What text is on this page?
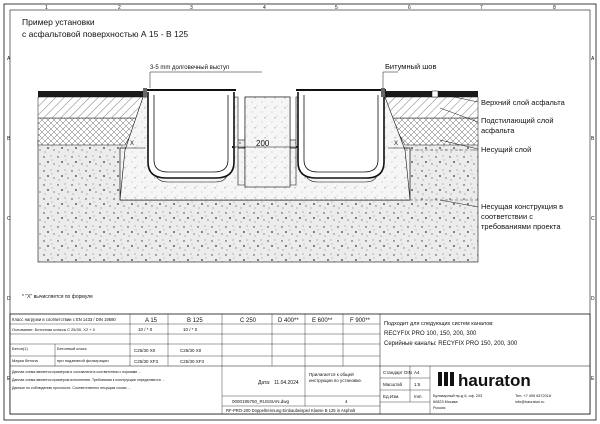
A
B
C
D
E
A
B
C
D
E
1	2	3	4	5	6	7	8
Пример установки
с асфальтовой поверхностью А 15 - В 125
X	X
200
3-5 mm долговечный выступ	Битумный шов
Верхний слой асфальта
Подстилающий слой
асфальта
Несущий слой
Несущая конструкция в
соответствии с
требованиями проекта
* "X" вычисляется по формуле
Класс нагрузки в соответствии с EN 1433 / DIN 19580	A 15	B 125	C 250	D 400** E 600**	F 900**
Основание: Бетонная класса C 25/30, X2 + 0	10 / * 0	10 / * 0
Бетон(1)	Бетонный класс	C25/30 X0	C25/30 X0
Марка бетона	при подземной фильтрации	C25/30 XF3	C25/30 XF3
Подходит для следующих систем каналов:
RECYFIX PRO 100, 150, 200, 300
Серийные каналы: RECYFIX PRO 150, 200, 300
Данная схема является примером и составлена в соответствии с нормами ...
Данная схема является примером исполнения. Требования к конструкции определяются ...
Данные по соблюдению прочности. Соответственно несущим слоям ...
Дата: 11.04.2024
Прилагается к общей
инструкции по установке.
0000195750_RUSSIAN.dwg	4
RF-PRO-200 Doppeltrennung Einbaubeispiel Klasse B 125 in Asphalt
Стандарт DIN A4
Масштаб	1:5
Ед.Изм.	mm
hauraton
Бульварный пр-д 6, оф. 203
60823 Москва
Россия
Тел. +7 495 6372018
info@hauraton.ru
